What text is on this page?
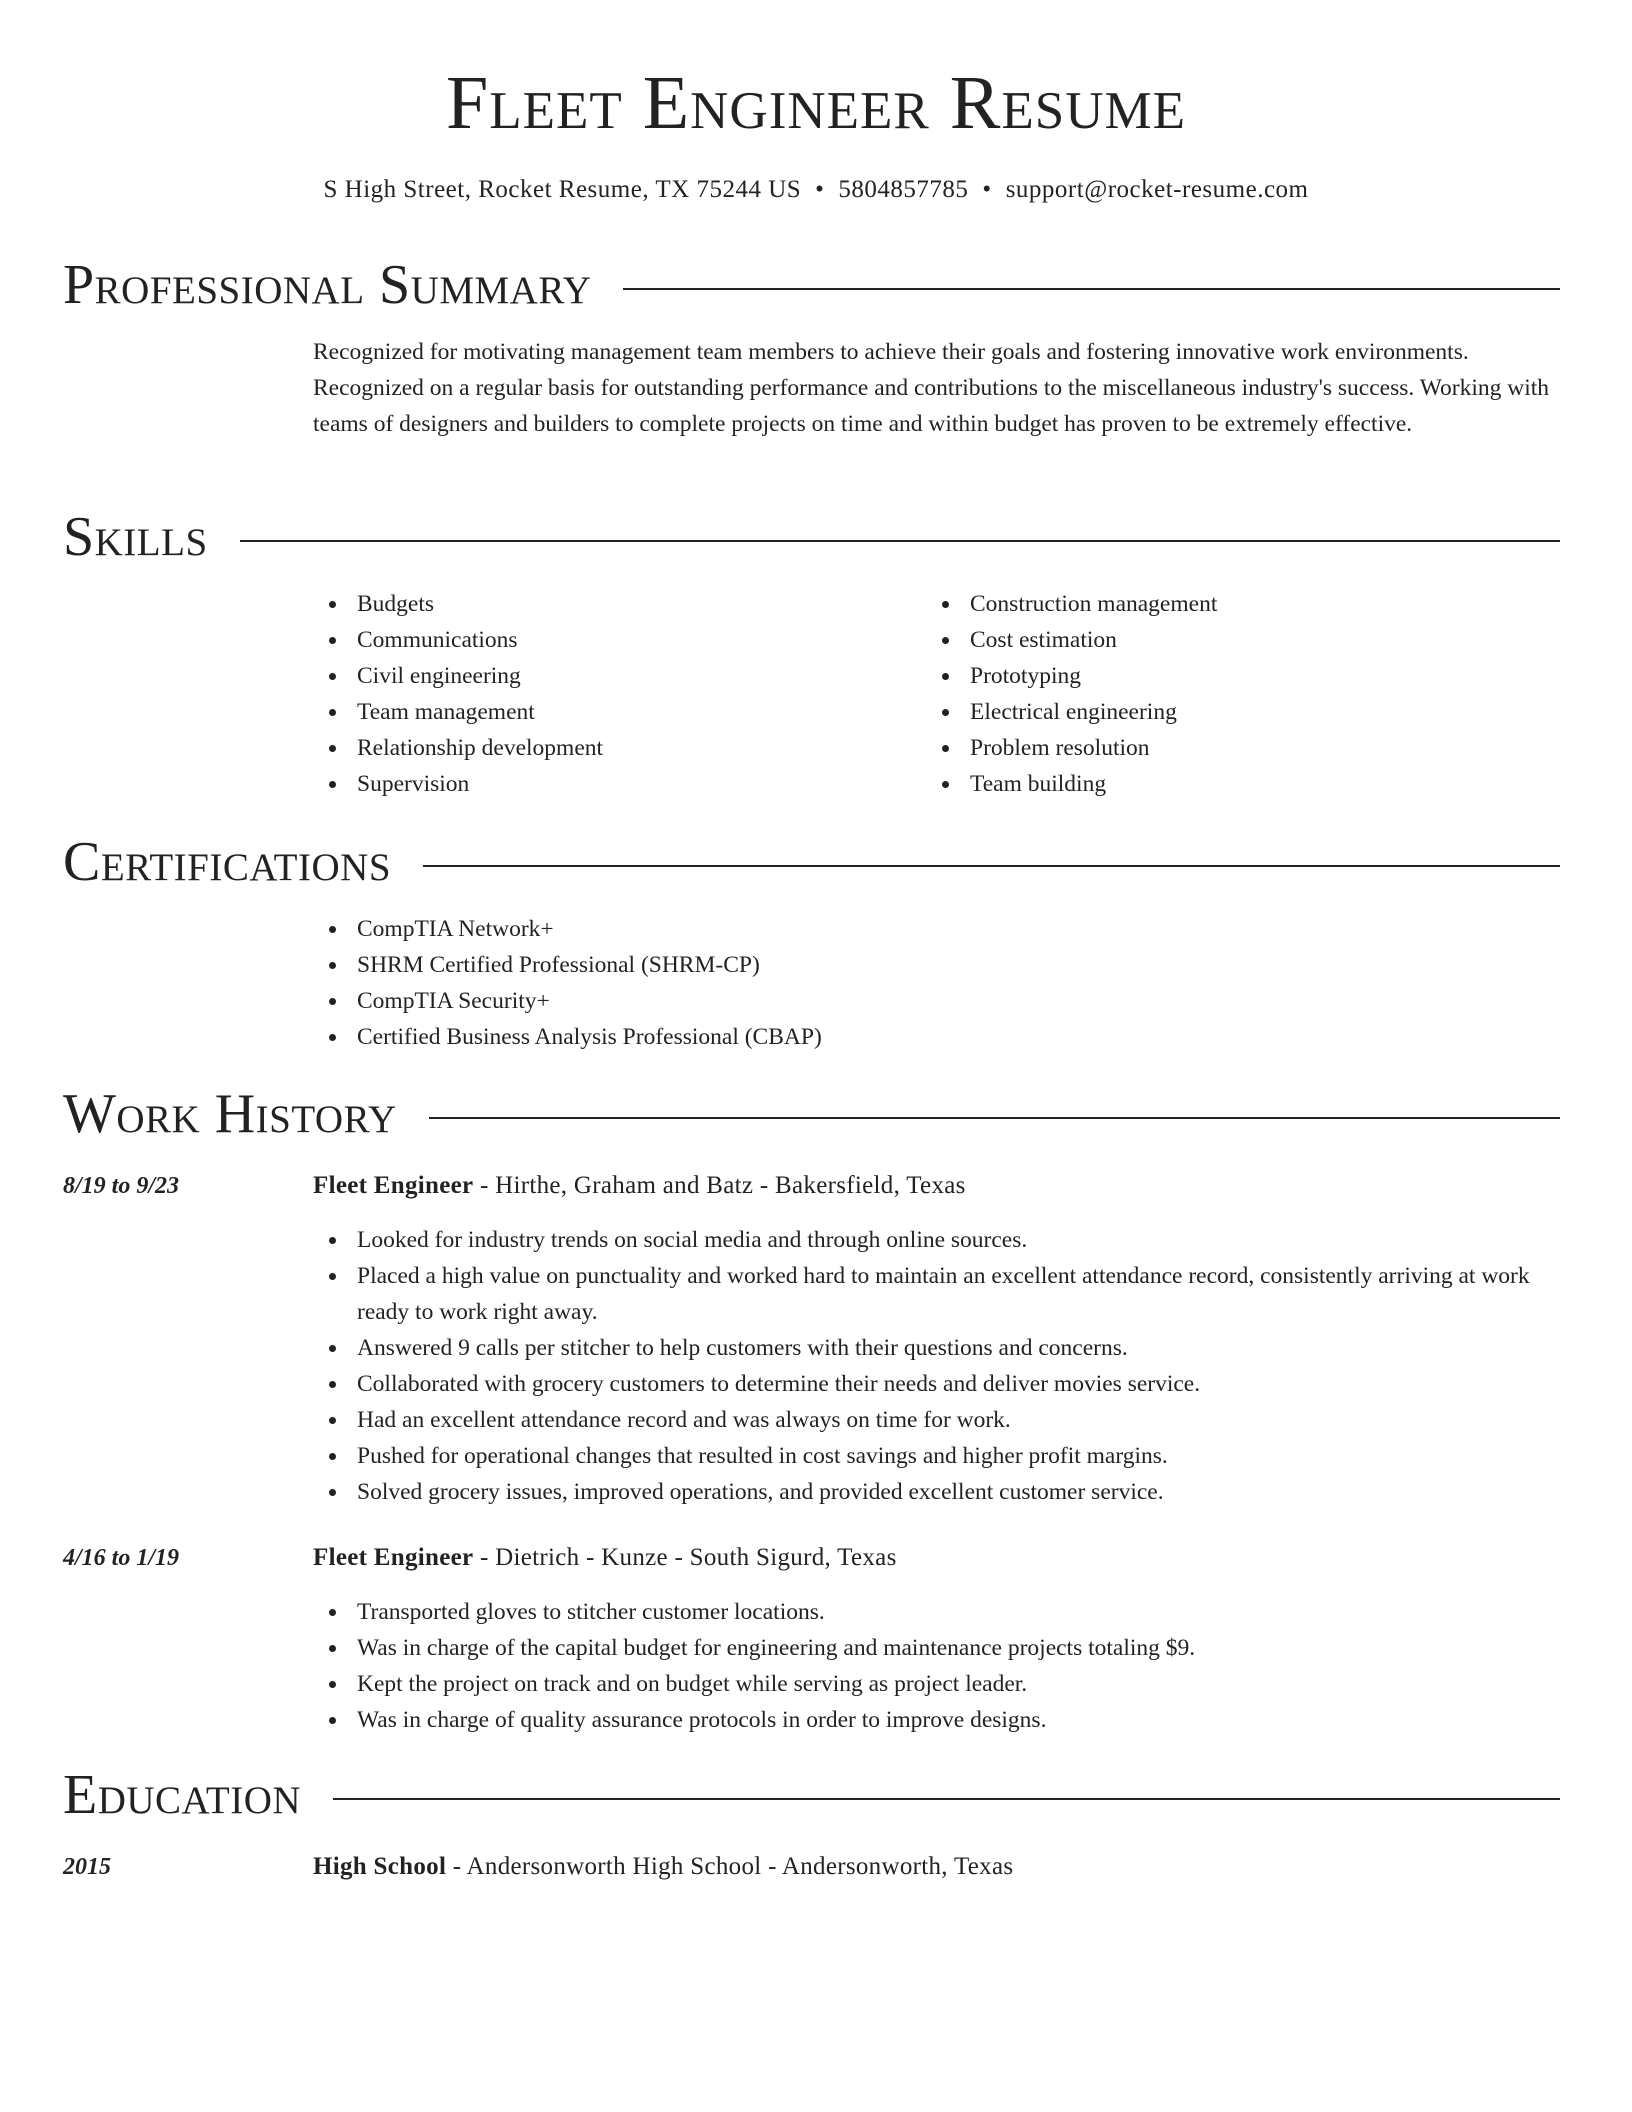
Fleet Engineer Resume
S High Street, Rocket Resume, TX 75244 US • 5804857785 • support@rocket-resume.com
Professional Summary
Recognized for motivating management team members to achieve their goals and fostering innovative work environments. Recognized on a regular basis for outstanding performance and contributions to the miscellaneous industry's success. Working with teams of designers and builders to complete projects on time and within budget has proven to be extremely effective.
Skills
Budgets
Communications
Civil engineering
Team management
Relationship development
Supervision
Construction management
Cost estimation
Prototyping
Electrical engineering
Problem resolution
Team building
Certifications
CompTIA Network+
SHRM Certified Professional (SHRM-CP)
CompTIA Security+
Certified Business Analysis Professional (CBAP)
Work History
8/19 to 9/23	Fleet Engineer - Hirthe, Graham and Batz - Bakersfield, Texas
Looked for industry trends on social media and through online sources.
Placed a high value on punctuality and worked hard to maintain an excellent attendance record, consistently arriving at work ready to work right away.
Answered 9 calls per stitcher to help customers with their questions and concerns.
Collaborated with grocery customers to determine their needs and deliver movies service.
Had an excellent attendance record and was always on time for work.
Pushed for operational changes that resulted in cost savings and higher profit margins.
Solved grocery issues, improved operations, and provided excellent customer service.
4/16 to 1/19	Fleet Engineer - Dietrich - Kunze - South Sigurd, Texas
Transported gloves to stitcher customer locations.
Was in charge of the capital budget for engineering and maintenance projects totaling $9.
Kept the project on track and on budget while serving as project leader.
Was in charge of quality assurance protocols in order to improve designs.
Education
2015	High School - Andersonworth High School - Andersonworth, Texas
